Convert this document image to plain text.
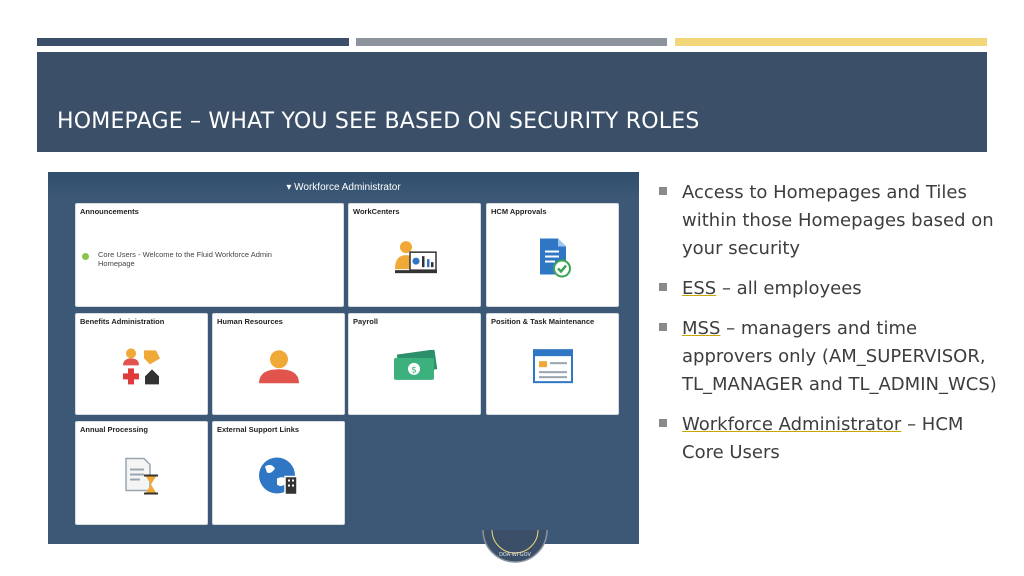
HOMEPAGE – WHAT YOU SEE BASED ON SECURITY ROLES
▾ Workforce Administrator
Announcements
Core Users - Welcome to the Fluid Workforce Admin Homepage
WorkCenters	HCM Approvals
Benefits Administration	Human Resources	Payroll
$
Position & Task Maintenance
Annual Processing	External Support Links
DOA·WI·GOV
Access to Homepages and Tiles within those Homepages based on your security
ESS – all employees
MSS – managers and time approvers only (AM_SUPERVISOR, TL_MANAGER and TL_ADMIN_WCS)
Workforce Administrator – HCM Core Users
